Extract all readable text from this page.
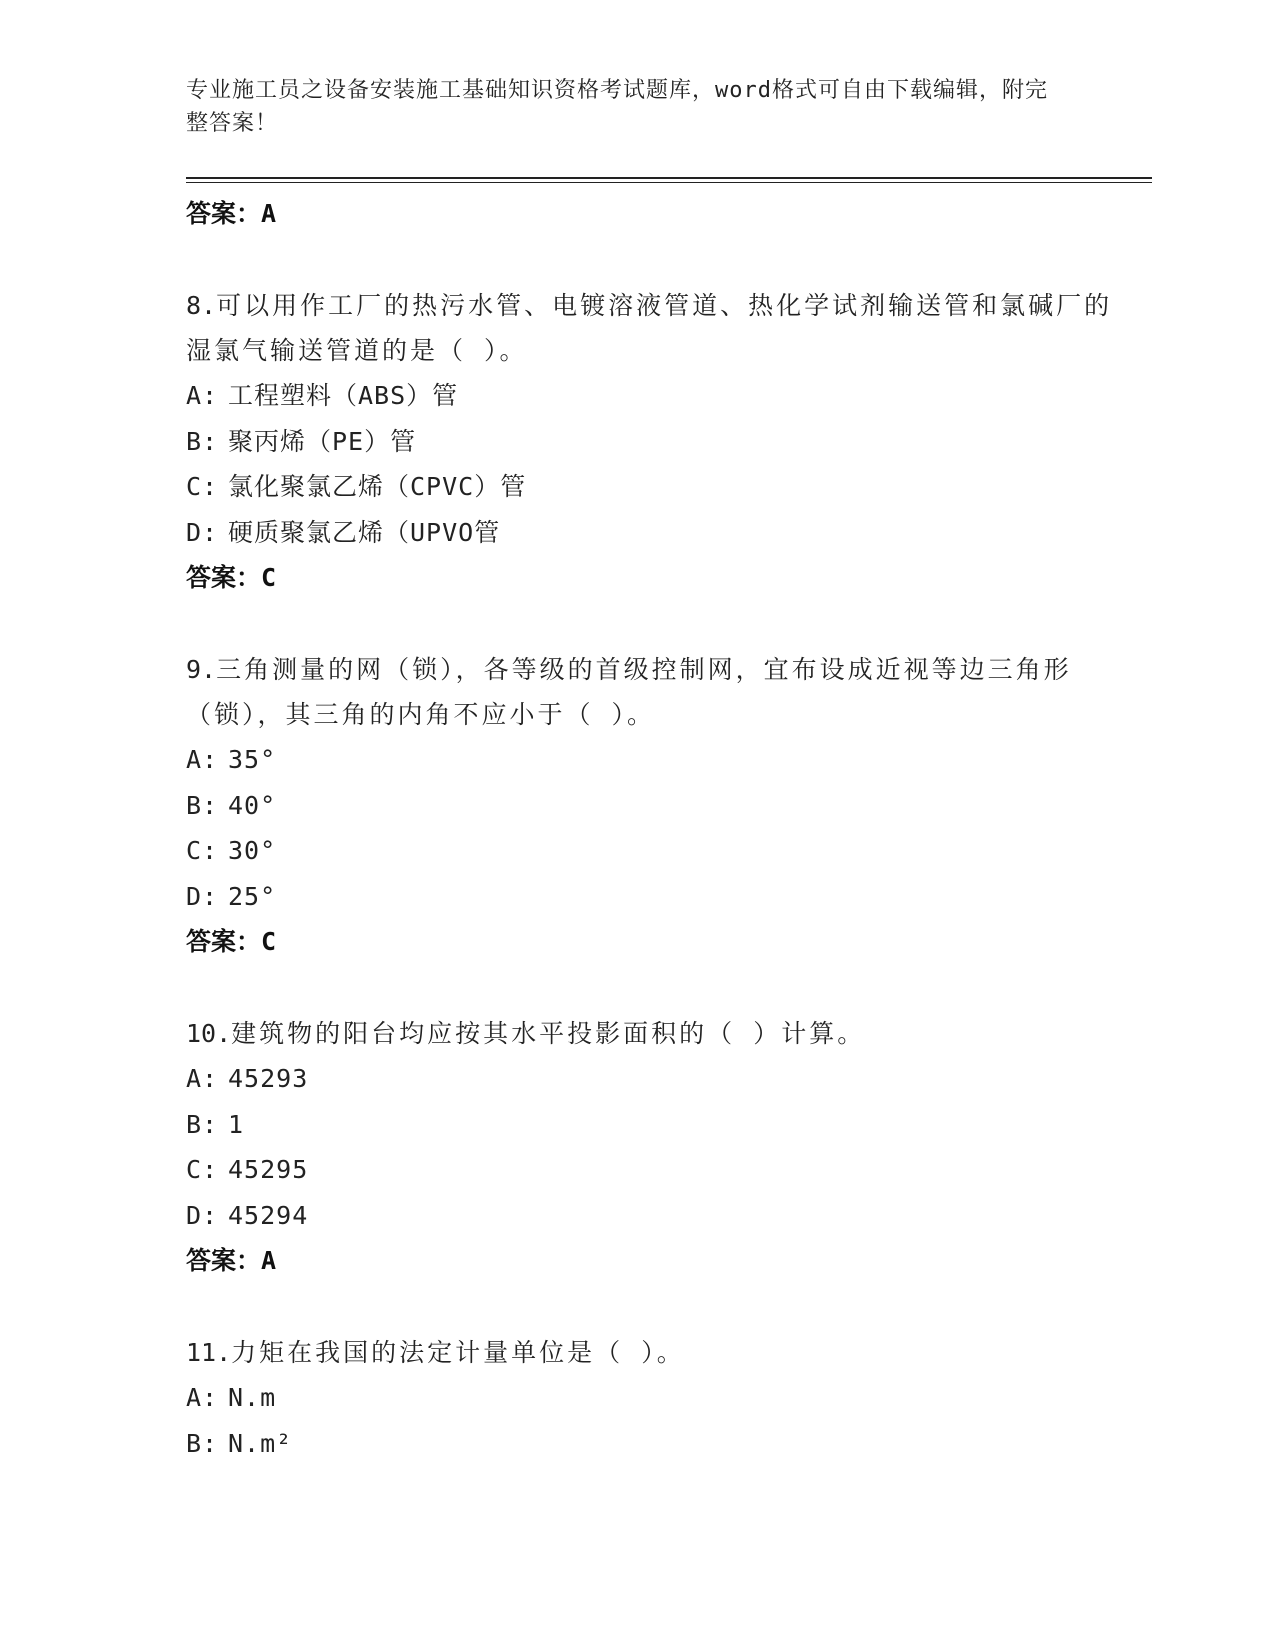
专业施工员之设备安装施工基础知识资格考试题库，word格式可自由下载编辑，附完整答案！
答案：A

8.可以用作工厂的热污水管、电镀溶液管道、热化学试剂输送管和氯碱厂的湿氯气输送管道的是（ ）。

A: 工程塑料（ABS）管
B: 聚丙烯（PE）管
C: 氯化聚氯乙烯（CPVC）管
D: 硬质聚氯乙烯（UPVO管
答案：C

9.三角测量的网（锁），各等级的首级控制网，宜布设成近视等边三角形（锁），其三角的内角不应小于（ ）。

A: 35°
B: 40°
C: 30°
D: 25°
答案：C

10.建筑物的阳台均应按其水平投影面积的（ ）计算。

A: 45293
B: 1
C: 45295
D: 45294
答案：A

11.力矩在我国的法定计量单位是（ ）。

A: N.m
B: N.m²
